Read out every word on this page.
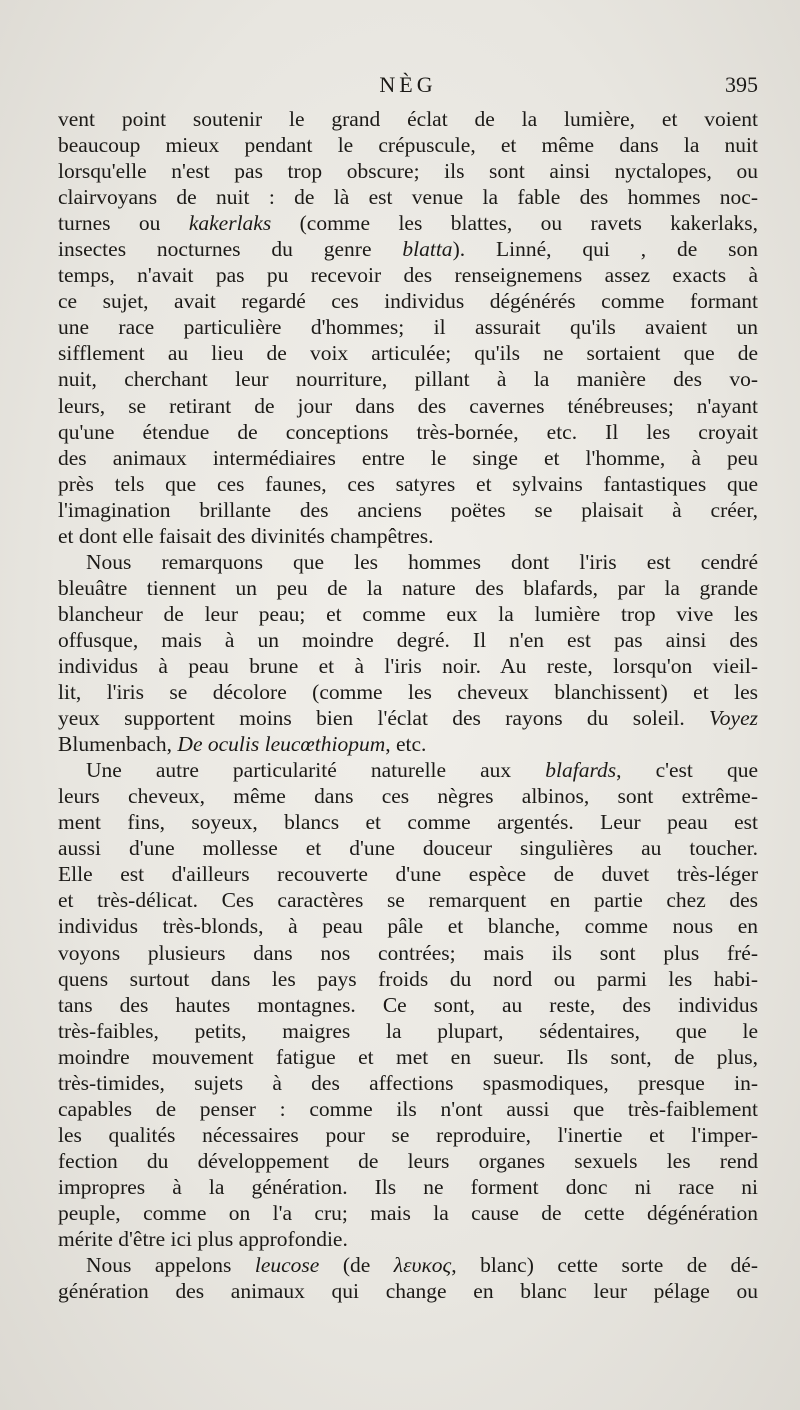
NÈG	395
vent point soutenir le grand éclat de la lumière, et voient
beaucoup mieux pendant le crépuscule, et même dans la nuit
lorsqu'elle n'est pas trop obscure; ils sont ainsi nyctalopes, ou
clairvoyans de nuit : de là est venue la fable des hommes noc-
turnes ou kakerlaks (comme les blattes, ou ravets kakerlaks,
insectes nocturnes du genre blatta). Linné, qui , de son
temps, n'avait pas pu recevoir des renseignemens assez exacts à
ce sujet, avait regardé ces individus dégénérés comme formant
une race particulière d'hommes; il assurait qu'ils avaient un
sifflement au lieu de voix articulée; qu'ils ne sortaient que de
nuit, cherchant leur nourriture, pillant à la manière des vo-
leurs, se retirant de jour dans des cavernes ténébreuses; n'ayant
qu'une étendue de conceptions très-bornée, etc. Il les croyait
des animaux intermédiaires entre le singe et l'homme, à peu
près tels que ces faunes, ces satyres et sylvains fantastiques que
l'imagination brillante des anciens poëtes se plaisait à créer,
et dont elle faisait des divinités champêtres.
Nous remarquons que les hommes dont l'iris est cendré
bleuâtre tiennent un peu de la nature des blafards, par la grande
blancheur de leur peau; et comme eux la lumière trop vive les
offusque, mais à un moindre degré. Il n'en est pas ainsi des
individus à peau brune et à l'iris noir. Au reste, lorsqu'on vieil-
lit, l'iris se décolore (comme les cheveux blanchissent) et les
yeux supportent moins bien l'éclat des rayons du soleil. Voyez
Blumenbach, De oculis leucœthiopum, etc.
Une autre particularité naturelle aux blafards, c'est que
leurs cheveux, même dans ces nègres albinos, sont extrême-
ment fins, soyeux, blancs et comme argentés. Leur peau est
aussi d'une mollesse et d'une douceur singulières au toucher.
Elle est d'ailleurs recouverte d'une espèce de duvet très-léger
et très-délicat. Ces caractères se remarquent en partie chez des
individus très-blonds, à peau pâle et blanche, comme nous en
voyons plusieurs dans nos contrées; mais ils sont plus fré-
quens surtout dans les pays froids du nord ou parmi les habi-
tans des hautes montagnes. Ce sont, au reste, des individus
très-faibles, petits, maigres la plupart, sédentaires, que le
moindre mouvement fatigue et met en sueur. Ils sont, de plus,
très-timides, sujets à des affections spasmodiques, presque in-
capables de penser : comme ils n'ont aussi que très-faiblement
les qualités nécessaires pour se reproduire, l'inertie et l'imper-
fection du développement de leurs organes sexuels les rend
impropres à la génération. Ils ne forment donc ni race ni
peuple, comme on l'a cru; mais la cause de cette dégénération
mérite d'être ici plus approfondie.
Nous appelons leucose (de λευκος, blanc) cette sorte de dé-
génération des animaux qui change en blanc leur pélage ou
